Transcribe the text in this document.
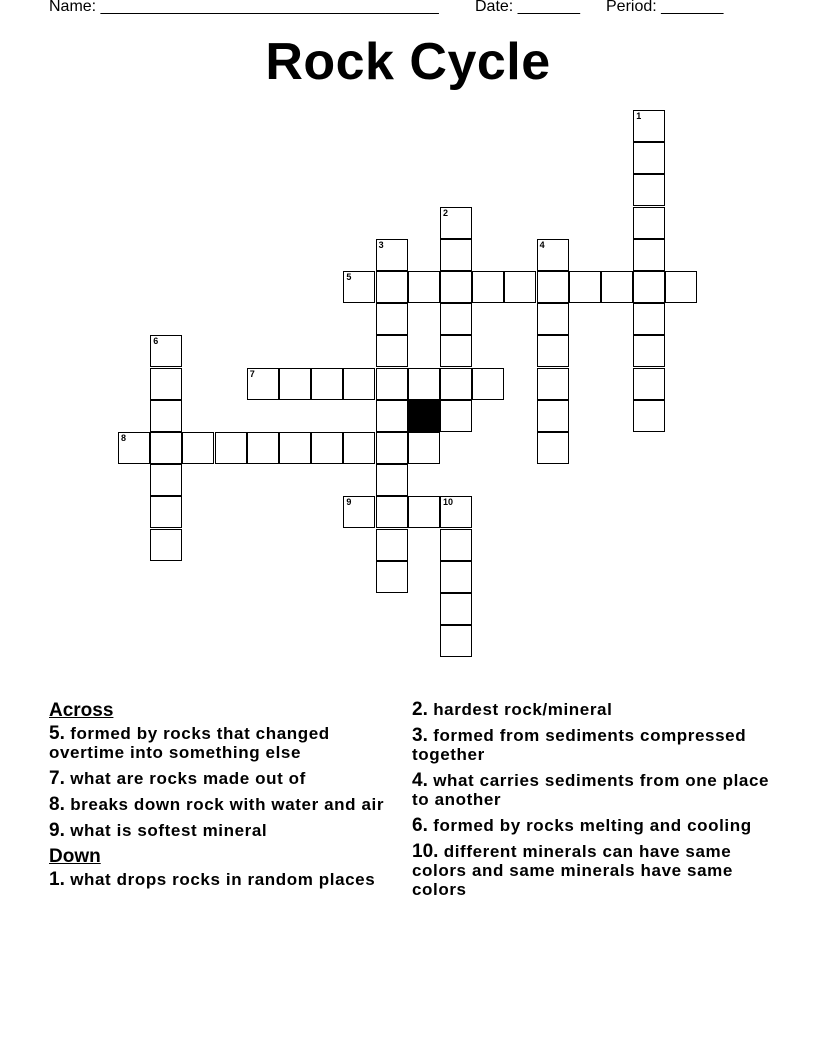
Name: ______________________________________ Date: _______ Period: _______
Rock Cycle
1
2
3	4
5
6
7
8
9	10
Across
5. formed by rocks that changed overtime into something else
7. what are rocks made out of
8. breaks down rock with water and air
9. what is softest mineral
Down
1. what drops rocks in random places
2. hardest rock/mineral
3. formed from sediments compressed together
4. what carries sediments from one place to another
6. formed by rocks melting and cooling
10. different minerals can have same colors and same minerals have same colors
